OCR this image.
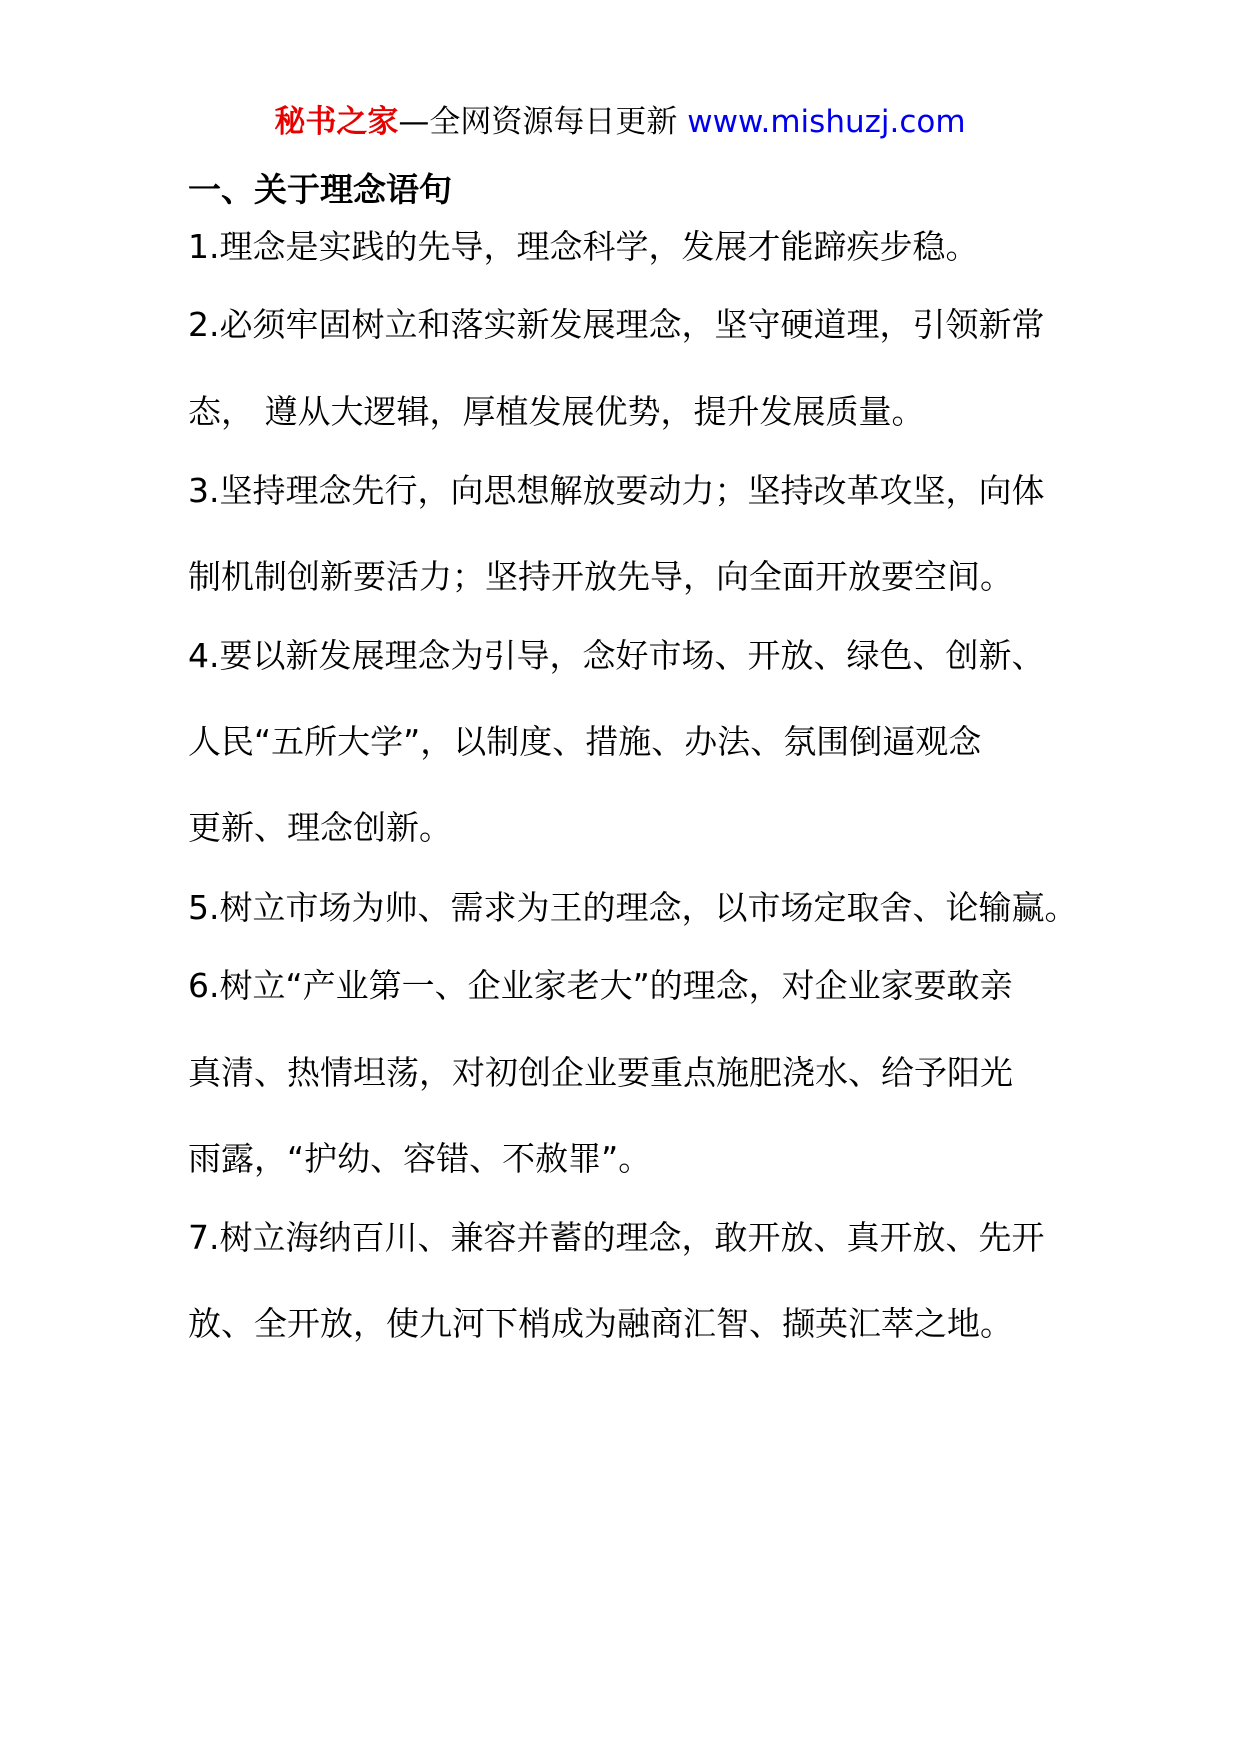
秘书之家—全网资源每日更新 www.mishuzj.com
一、关于理念语句
1.理念是实践的先导，理念科学，发展才能蹄疾步稳。
2.必须牢固树立和落实新发展理念，坚守硬道理，引领新常
态， 遵从大逻辑，厚植发展优势，提升发展质量。
3.坚持理念先行，向思想解放要动力；坚持改革攻坚，向体
制机制创新要活力；坚持开放先导，向全面开放要空间。
4.要以新发展理念为引导，念好市场、开放、绿色、创新、
人民“五所大学”，以制度、措施、办法、氛围倒逼观念
更新、理念创新。
5.树立市场为帅、需求为王的理念，以市场定取舍、论输赢。
6.树立“产业第一、企业家老大”的理念，对企业家要敢亲
真清、热情坦荡，对初创企业要重点施肥浇水、给予阳光
雨露，“护幼、容错、不赦罪”。
7.树立海纳百川、兼容并蓄的理念，敢开放、真开放、先开
放、全开放，使九河下梢成为融商汇智、撷英汇萃之地。
